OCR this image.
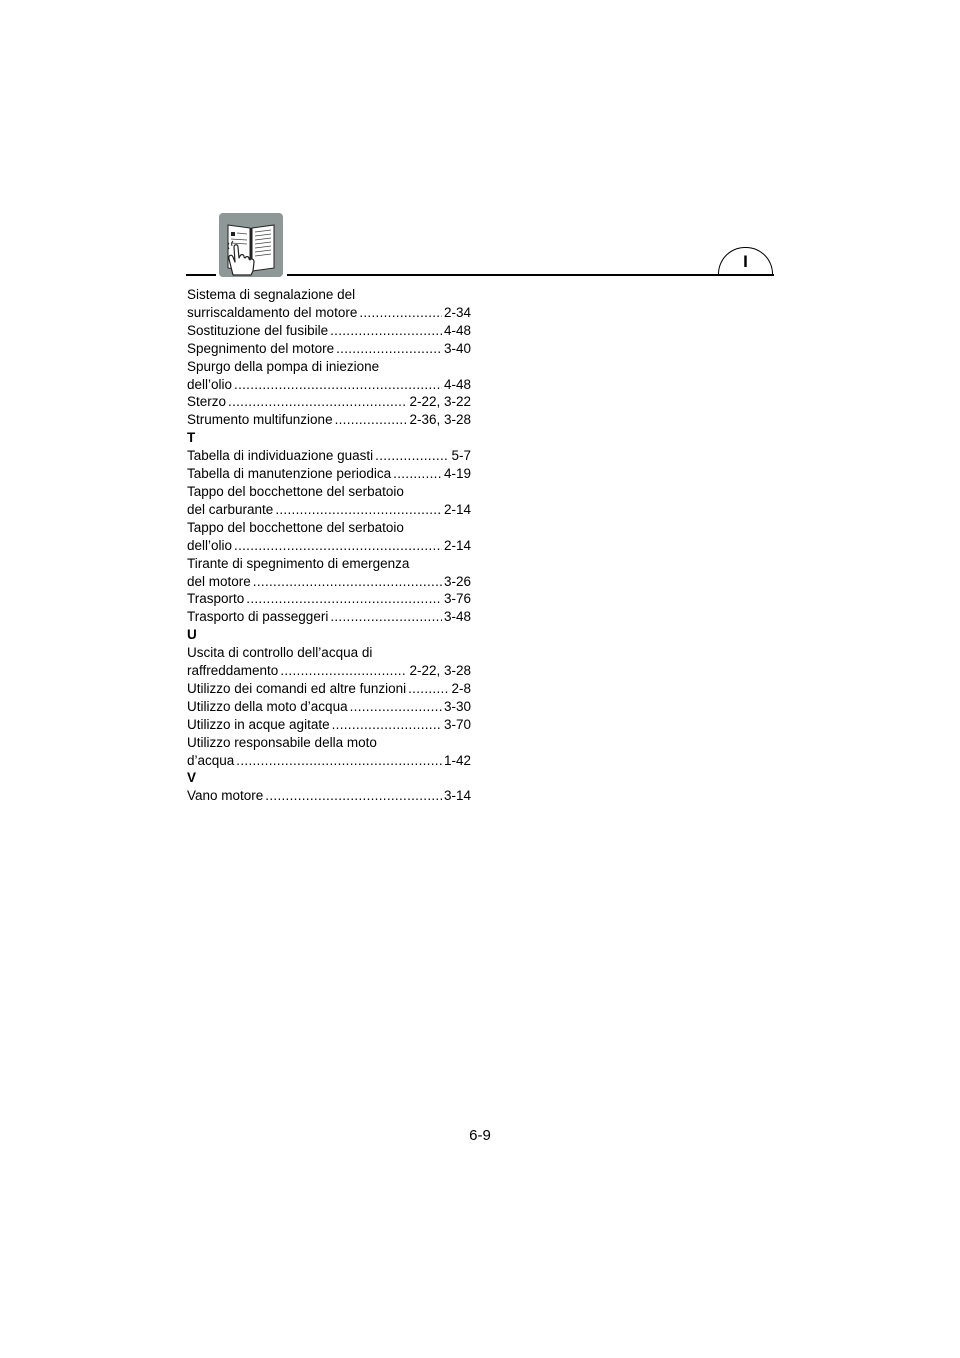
I
Sistema di segnalazione del
surriscaldamento del motore .....	2-34
Sostituzione del fusibile .....	4-48
Spegnimento del motore .....	3-40
Spurgo della pompa di iniezione
dell’olio .....	4-48
Sterzo .....	2-22, 3-22
Strumento multifunzione .....	2-36, 3-28
T
Tabella di individuazione guasti .....	5-7
Tabella di manutenzione periodica .....	4-19
Tappo del bocchettone del serbatoio
del carburante .....	2-14
Tappo del bocchettone del serbatoio
dell’olio .....	2-14
Tirante di spegnimento di emergenza
del motore .....	3-26
Trasporto .....	3-76
Trasporto di passeggeri .....	3-48
U
Uscita di controllo dell’acqua di
raffreddamento .....	2-22, 3-28
Utilizzo dei comandi ed altre funzioni .....	2-8
Utilizzo della moto d’acqua .....	3-30
Utilizzo in acque agitate .....	3-70
Utilizzo responsabile della moto
d’acqua .....	1-42
V
Vano motore .....	3-14
6-9
